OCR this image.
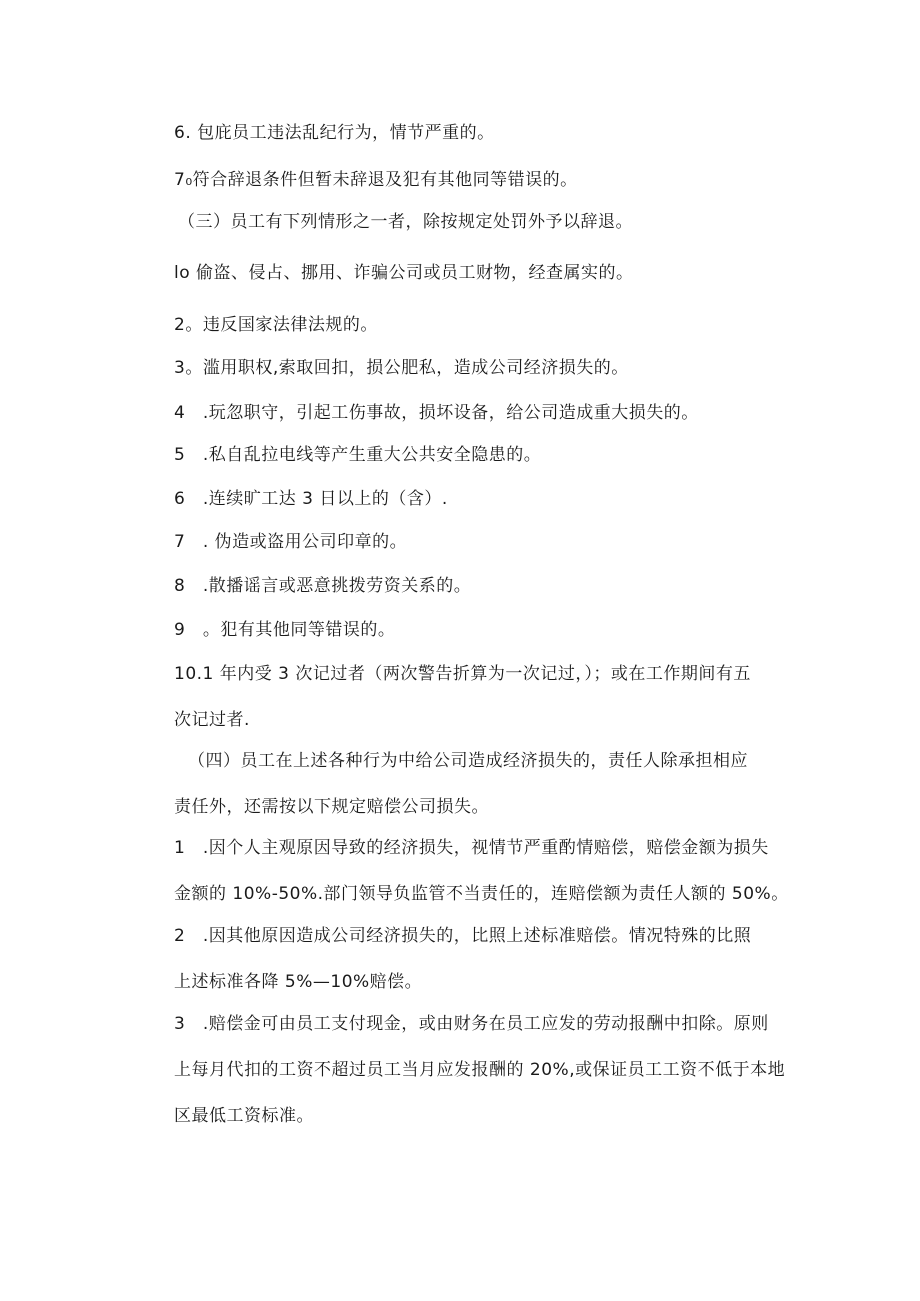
6. 包庇员工违法乱纪行为，情节严重的。
7₀符合辞退条件但暂未辞退及犯有其他同等错误的。
（三）员工有下列情形之一者，除按规定处罚外予以辞退。
lo 偷盗、侵占、挪用、诈骗公司或员工财物，经查属实的。
2。违反国家法律法规的。
3。滥用职权,索取回扣，损公肥私，造成公司经济损失的。
4　.玩忽职守，引起工伤事故，损坏设备，给公司造成重大损失的。
5　.私自乱拉电线等产生重大公共安全隐患的。
6　.连续旷工达 3 日以上的（含）.
7　. 伪造或盗用公司印章的。
8　.散播谣言或恶意挑拨劳资关系的。
9　。犯有其他同等错误的。
10.1 年内受 3 次记过者（两次警告折算为一次记过，）；或在工作期间有五
次记过者.
（四）员工在上述各种行为中给公司造成经济损失的，责任人除承担相应
责任外，还需按以下规定赔偿公司损失。
1　.因个人主观原因导致的经济损失，视情节严重酌情赔偿，赔偿金额为损失
金额的 10%-50%.部门领导负监管不当责任的，连赔偿额为责任人额的 50%。
2　.因其他原因造成公司经济损失的，比照上述标准赔偿。情况特殊的比照
上述标准各降 5%—10%赔偿。
3　.赔偿金可由员工支付现金，或由财务在员工应发的劳动报酬中扣除。原则
上每月代扣的工资不超过员工当月应发报酬的 20%,或保证员工工资不低于本地
区最低工资标准。
